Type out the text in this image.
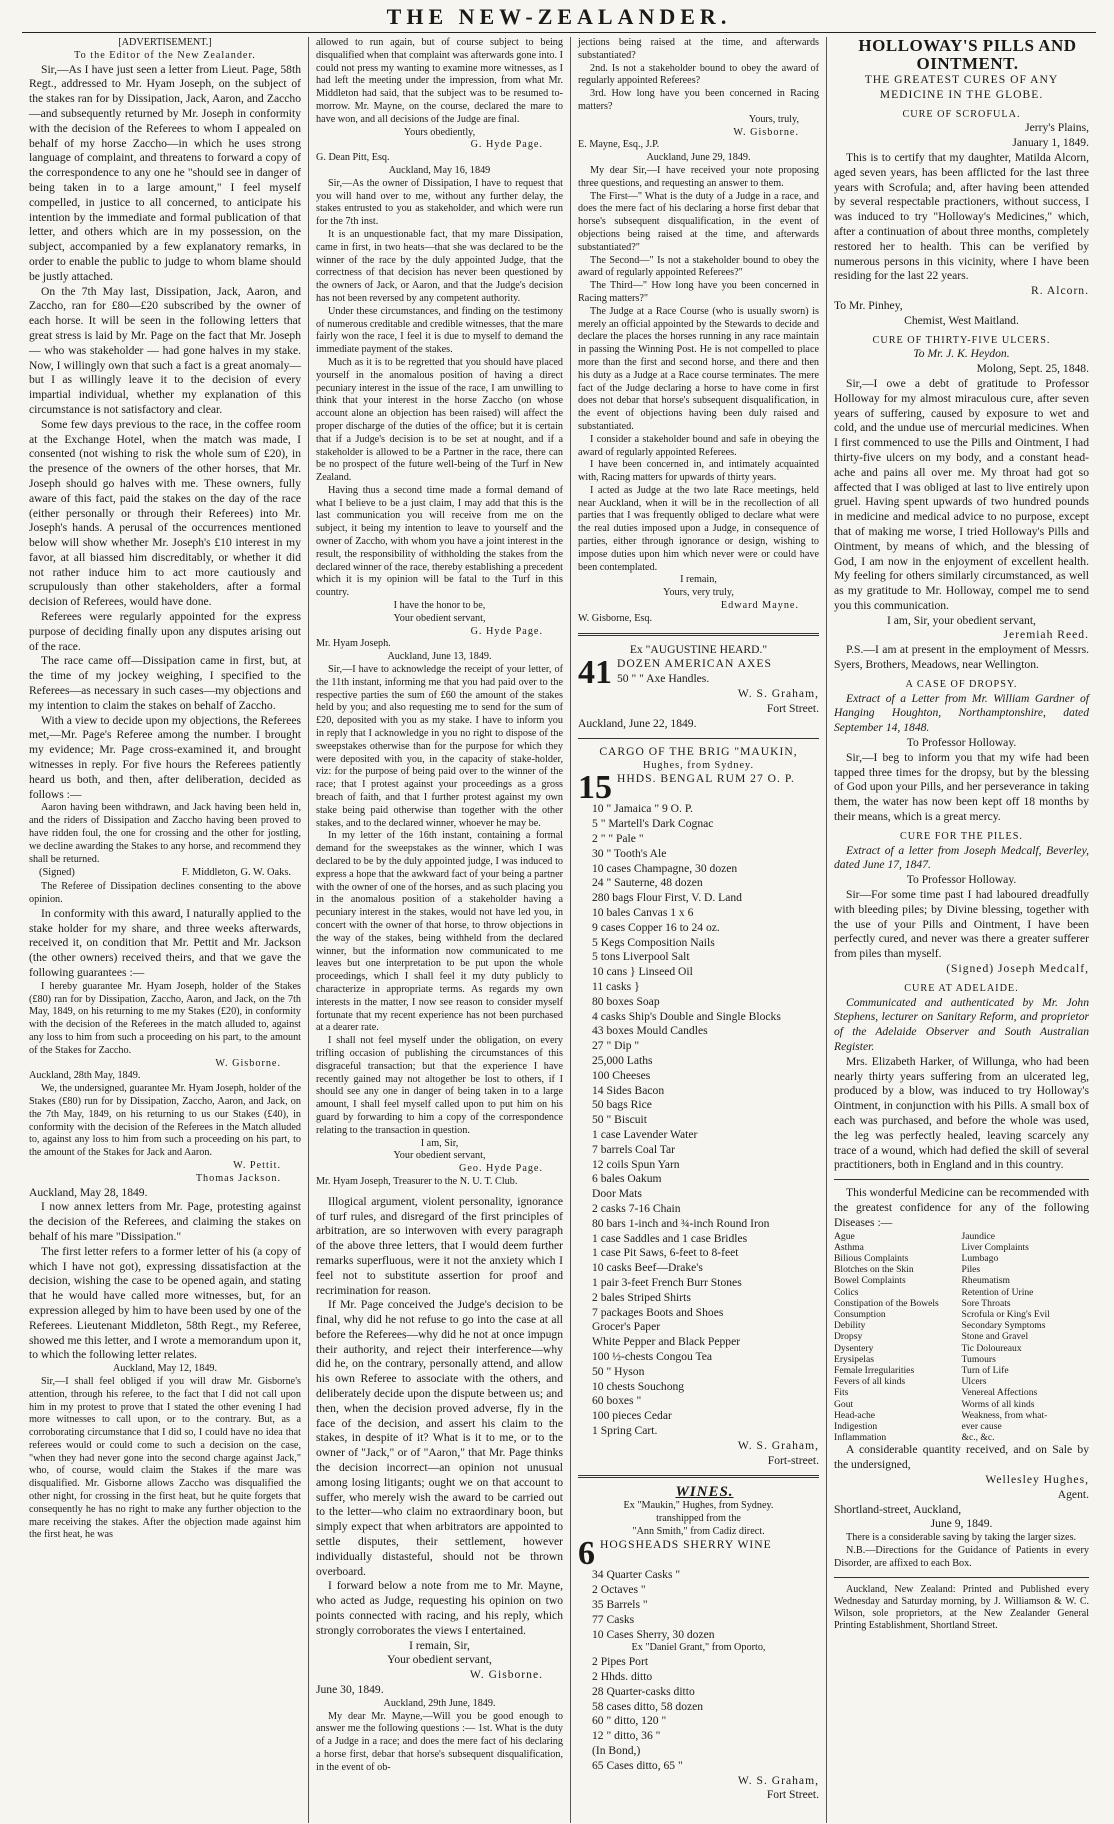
THE NEW-ZEALANDER.

[ADVERTISEMENT.]

To the Editor of the New Zealander.

Sir,—As I have just seen a letter from Lieut. Page, 58th Regt., addressed to Mr. Hyam Joseph, on the subject of the stakes ran for by Dissipation, Jack, Aaron, and Zaccho—and subsequently returned by Mr. Joseph in conformity with the decision of the Referees to whom I appealed on behalf of my horse Zaccho—in which he uses strong language of complaint, and threatens to forward a copy of the correspondence to any one he "should see in danger of being taken in to a large amount," I feel myself compelled, in justice to all concerned, to anticipate his intention by the immediate and formal publication of that letter, and others which are in my possession, on the subject, accompanied by a few explanatory remarks, in order to enable the public to judge to whom blame should be justly attached.

On the 7th May last, Dissipation, Jack, Aaron, and Zaccho, ran for £80—£20 subscribed by the owner of each horse. It will be seen in the following letters that great stress is laid by Mr. Page on the fact that Mr. Joseph— who was stakeholder — had gone halves in my stake. Now, I willingly own that such a fact is a great anomaly—but I as willingly leave it to the decision of every impartial individual, whether my explanation of this circumstance is not satisfactory and clear.

Some few days previous to the race, in the coffee room at the Exchange Hotel, when the match was made, I consented (not wishing to risk the whole sum of £20), in the presence of the owners of the other horses, that Mr. Joseph should go halves with me. These owners, fully aware of this fact, paid the stakes on the day of the race (either personally or through their Referees) into Mr. Joseph's hands. A perusal of the occurrences mentioned below will show whether Mr. Joseph's £10 interest in my favor, at all biassed him discreditably, or whether it did not rather induce him to act more cautiously and scrupulously than other stakeholders, after a formal decision of Referees, would have done.

Referees were regularly appointed for the express purpose of deciding finally upon any disputes arising out of the race.

The race came off—Dissipation came in first, but, at the time of my jockey weighing, I specified to the Referees—as necessary in such cases—my objections and my intention to claim the stakes on behalf of Zaccho.

With a view to decide upon my objections, the Referees met,—Mr. Page's Referee among the number. I brought my evidence; Mr. Page cross-examined it, and brought witnesses in reply. For five hours the Referees patiently heard us both, and then, after deliberation, decided as follows :—

Aaron having been withdrawn, and Jack having been held in, and the riders of Dissipation and Zaccho having been proved to have ridden foul, the one for crossing and the other for jostling, we decline awarding the Stakes to any horse, and recommend they shall be returned.

(Signed)	F. Middleton, G. W. Oaks.

The Referee of Dissipation declines consenting to the above opinion.

In conformity with this award, I naturally applied to the stake holder for my share, and three weeks afterwards, received it, on condition that Mr. Pettit and Mr. Jackson (the other owners) received theirs, and that we gave the following guarantees :—

I hereby guarantee Mr. Hyam Joseph, holder of the Stakes (£80) ran for by Dissipation, Zaccho, Aaron, and Jack, on the 7th May, 1849, on his returning to me my Stakes (£20), in conformity with the decision of the Referees in the match alluded to, against any loss to him from such a proceeding on his part, to the amount of the Stakes for Zaccho.

W. Gisborne.

Auckland, 28th May, 1849.

We, the undersigned, guarantee Mr. Hyam Joseph, holder of the Stakes (£80) run for by Dissipation, Zaccho, Aaron, and Jack, on the 7th May, 1849, on his returning to us our Stakes (£40), in conformity with the decision of the Referees in the Match alluded to, against any loss to him from such a proceeding on his part, to the amount of the Stakes for Jack and Aaron.

W. Pettit.

Thomas Jackson.

Auckland, May 28, 1849.

I now annex letters from Mr. Page, protesting against the decision of the Referees, and claiming the stakes on behalf of his mare "Dissipation."

The first letter refers to a former letter of his (a copy of which I have not got), expressing dissatisfaction at the decision, wishing the case to be opened again, and stating that he would have called more witnesses, but, for an expression alleged by him to have been used by one of the Referees. Lieutenant Middleton, 58th Regt., my Referee, showed me this letter, and I wrote a memorandum upon it, to which the following letter relates.

Auckland, May 12, 1849.

Sir,—I shall feel obliged if you will draw Mr. Gisborne's attention, through his referee, to the fact that I did not call upon him in my protest to prove that I stated the other evening I had more witnesses to call upon, or to the contrary. But, as a corroborating circumstance that I did so, I could have no idea that referees would or could come to such a decision on the case, "when they had never gone into the second charge against Jack," who, of course, would claim the Stakes if the mare was disqualified. Mr. Gisborne allows Zaccho was disqualified the other night, for crossing in the first heat, but he quite forgets that consequently he has no right to make any further objection to the mare receiving the stakes. After the objection made against him the first heat, he was

allowed to run again, but of course subject to being disqualified when that complaint was afterwards gone into. I could not press my wanting to examine more witnesses, as I had left the meeting under the impression, from what Mr. Middleton had said, that the subject was to be resumed to-morrow. Mr. Mayne, on the course, declared the mare to have won, and all decisions of the Judge are final.

Yours obediently,

G. Hyde Page.

G. Dean Pitt, Esq.

Auckland, May 16, 1849

Sir,—As the owner of Dissipation, I have to request that you will hand over to me, without any further delay, the stakes entrusted to you as stakeholder, and which were run for the 7th inst.

It is an unquestionable fact, that my mare Dissipation, came in first, in two heats—that she was declared to be the winner of the race by the duly appointed Judge, that the correctness of that decision has never been questioned by the owners of Jack, or Aaron, and that the Judge's decision has not been reversed by any competent authority.

Under these circumstances, and finding on the testimony of numerous creditable and credible witnesses, that the mare fairly won the race, I feel it is due to myself to demand the immediate payment of the stakes.

Much as it is to be regretted that you should have placed yourself in the anomalous position of having a direct pecuniary interest in the issue of the race, I am unwilling to think that your interest in the horse Zaccho (on whose account alone an objection has been raised) will affect the proper discharge of the duties of the office; but it is certain that if a Judge's decision is to be set at nought, and if a stakeholder is allowed to be a Partner in the race, there can be no prospect of the future well-being of the Turf in New Zealand.

Having thus a second time made a formal demand of what I believe to be a just claim, I may add that this is the last communication you will receive from me on the subject, it being my intention to leave to yourself and the owner of Zaccho, with whom you have a joint interest in the result, the responsibility of withholding the stakes from the declared winner of the race, thereby establishing a precedent which it is my opinion will be fatal to the Turf in this country.

I have the honor to be,

Your obedient servant,

G. Hyde Page.

Mr. Hyam Joseph.

Auckland, June 13, 1849.

Sir,—I have to acknowledge the receipt of your letter, of the 11th instant, informing me that you had paid over to the respective parties the sum of £60 the amount of the stakes held by you; and also requesting me to send for the sum of £20, deposited with you as my stake. I have to inform you in reply that I acknowledge in you no right to dispose of the sweepstakes otherwise than for the purpose for which they were deposited with you, in the capacity of stake-holder, viz: for the purpose of being paid over to the winner of the race; that I protest against your proceedings as a gross breach of faith, and that I further protest against my own stake being paid otherwise than together with the other stakes, and to the declared winner, whoever he may be.

In my letter of the 16th instant, containing a formal demand for the sweepstakes as the winner, which I was declared to be by the duly appointed judge, I was induced to express a hope that the awkward fact of your being a partner with the owner of one of the horses, and as such placing you in the anomalous position of a stakeholder having a pecuniary interest in the stakes, would not have led you, in concert with the owner of that horse, to throw objections in the way of the stakes, being withheld from the declared winner, but the information now communicated to me leaves but one interpretation to be put upon the whole proceedings, which I shall feel it my duty publicly to characterize in appropriate terms. As regards my own interests in the matter, I now see reason to consider myself fortunate that my recent experience has not been purchased at a dearer rate.

I shall not feel myself under the obligation, on every trifling occasion of publishing the circumstances of this disgraceful transaction; but that the experience I have recently gained may not altogether be lost to others, if I should see any one in danger of being taken in to a large amount, I shall feel myself called upon to put him on his guard by forwarding to him a copy of the correspondence relating to the transaction in question.

I am, Sir,

Your obedient servant,

Geo. Hyde Page.

Mr. Hyam Joseph, Treasurer to the N. U. T. Club.

Illogical argument, violent personality, ignorance of turf rules, and disregard of the first principles of arbitration, are so interwoven with every paragraph of the above three letters, that I would deem further remarks superfluous, were it not the anxiety which I feel not to substitute assertion for proof and recrimination for reason.

If Mr. Page conceived the Judge's decision to be final, why did he not refuse to go into the case at all before the Referees—why did he not at once impugn their authority, and reject their interference—why did he, on the contrary, personally attend, and allow his own Referee to associate with the others, and deliberately decide upon the dispute between us; and then, when the decision proved adverse, fly in the face of the decision, and assert his claim to the stakes, in despite of it? What is it to me, or to the owner of "Jack," or of "Aaron," that Mr. Page thinks the decision incorrect—an opinion not unusual among losing litigants; ought we on that account to suffer, who merely wish the award to be carried out to the letter—who claim no extraordinary boon, but simply expect that when arbitrators are appointed to settle disputes, their settlement, however individually distasteful, should not be thrown overboard.

I forward below a note from me to Mr. Mayne, who acted as Judge, requesting his opinion on two points connected with racing, and his reply, which strongly corroborates the views I entertained.

I remain, Sir,

Your obedient servant,

W. Gisborne.

June 30, 1849.

Auckland, 29th June, 1849.

My dear Mr. Mayne,—Will you be good enough to answer me the following questions :— 1st. What is the duty of a Judge in a race; and does the mere fact of his declaring a horse first, debar that horse's subsequent disqualification, in the event of ob-

jections being raised at the time, and afterwards substantiated?

2nd. Is not a stakeholder bound to obey the award of regularly appointed Referees?

3rd. How long have you been concerned in Racing matters?

Yours, truly,

W. Gisborne.

E. Mayne, Esq., J.P.

Auckland, June 29, 1849.

My dear Sir,—I have received your note proposing three questions, and requesting an answer to them.

The First—" What is the duty of a Judge in a race, and does the mere fact of his declaring a horse first debar that horse's subsequent disqualification, in the event of objections being raised at the time, and afterwards substantiated?"

The Second—" Is not a stakeholder bound to obey the award of regularly appointed Referees?"

The Third—" How long have you been concerned in Racing matters?"

The Judge at a Race Course (who is usually sworn) is merely an official appointed by the Stewards to decide and declare the places the horses running in any race maintain in passing the Winning Post. He is not compelled to place more than the first and second horse, and there and then his duty as a Judge at a Race course terminates. The mere fact of the Judge declaring a horse to have come in first does not debar that horse's subsequent disqualification, in the event of objections having been duly raised and substantiated.

I consider a stakeholder bound and safe in obeying the award of regularly appointed Referees.

I have been concerned in, and intimately acquainted with, Racing matters for upwards of thirty years.

I acted as Judge at the two late Race meetings, held near Auckland, when it will be in the recollection of all parties that I was frequently obliged to declare what were the real duties imposed upon a Judge, in consequence of parties, either through ignorance or design, wishing to impose duties upon him which never were or could have been contemplated.

I remain,

Yours, very truly,

Edward Mayne.

W. Gisborne, Esq.

Ex "AUGUSTINE HEARD."

41 DOZEN AMERICAN AXES
50 " " Axe Handles.

W. S. Graham,

Fort Street.

Auckland, June 22, 1849.

CARGO OF THE BRIG "MAUKIN,

Hughes, from Sydney.

15 HHDS. BENGAL RUM 27 O. P.
10 " Jamaica " 9 O. P.
5 " Martell's Dark Cognac
2 " " Pale "
30 " Tooth's Ale
10 cases Champagne, 30 dozen
24 " Sauterne, 48 dozen
280 bags Flour First, V. D. Land
10 bales Canvas 1 x 6
9 cases Copper 16 to 24 oz.
5 Kegs Composition Nails
5 tons Liverpool Salt
10 cans } Linseed Oil
11 casks }
80 boxes Soap
4 casks Ship's Double and Single Blocks
43 boxes Mould Candles
27 " Dip "
25,000 Laths
100 Cheeses
14 Sides Bacon
50 bags Rice
50 " Biscuit
1 case Lavender Water
7 barrels Coal Tar
12 coils Spun Yarn
6 bales Oakum
Door Mats
2 casks 7-16 Chain
80 bars 1-inch and ¾-inch Round Iron
1 case Saddles and 1 case Bridles
1 case Pit Saws, 6-feet to 8-feet
10 casks Beef—Drake's
1 pair 3-feet French Burr Stones
2 bales Striped Shirts
7 packages Boots and Shoes
Grocer's Paper
White Pepper and Black Pepper
100 ½-chests Congou Tea
50 " Hyson
10 chests Souchong
60 boxes "
100 pieces Cedar
1 Spring Cart.

W. S. Graham,

Fort-street.

WINES.

Ex "Maukin," Hughes, from Sydney.

transhipped from the

"Ann Smith," from Cadiz direct.

6 HOGSHEADS SHERRY WINE
34 Quarter Casks "
2 Octaves "
35 Barrels "
77 Casks

10 Cases Sherry, 30 dozen

Ex "Daniel Grant," from Oporto,

2 Pipes Port
2 Hhds. ditto
28 Quarter-casks ditto
58 cases ditto, 58 dozen
60 " ditto, 120 "
12 " ditto, 36 "
(In Bond,)
65 Cases ditto, 65 "

W. S. Graham,

Fort Street.

HOLLOWAY'S PILLS AND

OINTMENT.

THE GREATEST CURES OF ANY

MEDICINE IN THE GLOBE.

CURE OF SCROFULA.

Jerry's Plains,

January 1, 1849.

This is to certify that my daughter, Matilda Alcorn, aged seven years, has been afflicted for the last three years with Scrofula; and, after having been attended by several respectable practioners, without success, I was induced to try "Holloway's Medicines," which, after a continuation of about three months, completely restored her to health. This can be verified by numerous persons in this vicinity, where I have been residing for the last 22 years.

R. Alcorn.

To Mr. Pinhey,

Chemist, West Maitland.

CURE OF THIRTY-FIVE ULCERS.

To Mr. J. K. Heydon.

Molong, Sept. 25, 1848.

Sir,—I owe a debt of gratitude to Professor Holloway for my almost miraculous cure, after seven years of suffering, caused by exposure to wet and cold, and the undue use of mercurial medicines. When I first commenced to use the Pills and Ointment, I had thirty-five ulcers on my body, and a constant head-ache and pains all over me. My throat had got so affected that I was obliged at last to live entirely upon gruel. Having spent upwards of two hundred pounds in medicine and medical advice to no purpose, except that of making me worse, I tried Holloway's Pills and Ointment, by means of which, and the blessing of God, I am now in the enjoyment of excellent health. My feeling for others similarly circumstanced, as well as my gratitude to Mr. Holloway, compel me to send you this communication.

I am, Sir, your obedient servant,

Jeremiah Reed.

P.S.—I am at present in the employment of Messrs. Syers, Brothers, Meadows, near Wellington.

A CASE OF DROPSY.

Extract of a Letter from Mr. William Gardner of Hanging Houghton, Northamptonshire, dated September 14, 1848.

To Professor Holloway.

Sir,—I beg to inform you that my wife had been tapped three times for the dropsy, but by the blessing of God upon your Pills, and her perseverance in taking them, the water has now been kept off 18 months by their means, which is a great mercy.

CURE FOR THE PILES.

Extract of a letter from Joseph Medcalf, Beverley, dated June 17, 1847.

To Professor Holloway.

Sir—For some time past I had laboured dreadfully with bleeding piles; by Divine blessing, together with the use of your Pills and Ointment, I have been perfectly cured, and never was there a greater sufferer from piles than myself.

(Signed) Joseph Medcalf,

CURE AT ADELAIDE.

Communicated and authenticated by Mr. John Stephens, lecturer on Sanitary Reform, and proprietor of the Adelaide Observer and South Australian Register.

Mrs. Elizabeth Harker, of Willunga, who had been nearly thirty years suffering from an ulcerated leg, produced by a blow, was induced to try Holloway's Ointment, in conjunction with his Pills. A small box of each was purchased, and before the whole was used, the leg was perfectly healed, leaving scarcely any trace of a wound, which had defied the skill of several practitioners, both in England and in this country.

This wonderful Medicine can be recommended with the greatest confidence for any of the following Diseases :—

Ague
Asthma
Bilious Complaints
Blotches on the Skin
Bowel Complaints
Colics
Constipation of the Bowels
Consumption
Debility
Dropsy
Dysentery
Erysipelas
Female Irregularities
Fevers of all kinds
Fits
Gout
Head-ache
Indigestion
Inflammation
Jaundice
Liver Complaints
Lumbago
Piles
Rheumatism
Retention of Urine
Sore Throats
Scrofula or King's Evil
Secondary Symptoms
Stone and Gravel
Tic Doloureaux
Tumours
Turn of Life
Ulcers
Venereal Affections
Worms of all kinds
Weakness, from what-
ever cause
&c., &c.

A considerable quantity received, and on Sale by the undersigned,

Wellesley Hughes,

Agent.

Shortland-street, Auckland,

June 9, 1849.

There is a considerable saving by taking the larger sizes.

N.B.—Directions for the Guidance of Patients in every Disorder, are affixed to each Box.

Auckland, New Zealand: Printed and Published every Wednesday and Saturday morning, by J. Williamson & W. C. Wilson, sole proprietors, at the New Zealander General Printing Establishment, Shortland Street.
